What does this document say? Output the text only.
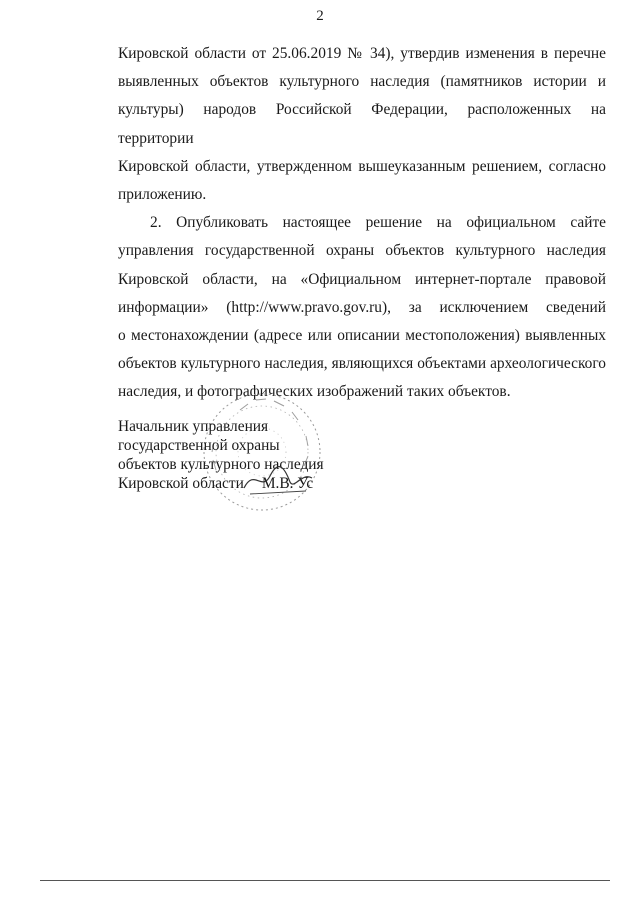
2

Кировской области от 25.06.2019 № 34), утвердив изменения в перечне
выявленных объектов культурного наследия (памятников истории и
культуры) народов Российской Федерации, расположенных на территории
Кировской области, утвержденном вышеуказанным решением, согласно
приложению.

2. Опубликовать настоящее решение на официальном сайте

управления государственной охраны объектов культурного наследия
Кировской области, на «Официальном интернет-портале правовой
информации» (http://www.pravo.gov.ru), за исключением сведений
о местонахождении (адресе или описании местоположения) выявленных
объектов культурного наследия, являющихся объектами археологического
наследия, и фотографических изображений таких объектов.

Начальник управления
государственной охраны
объектов культурного наследия
Кировской области М.В. Ус
